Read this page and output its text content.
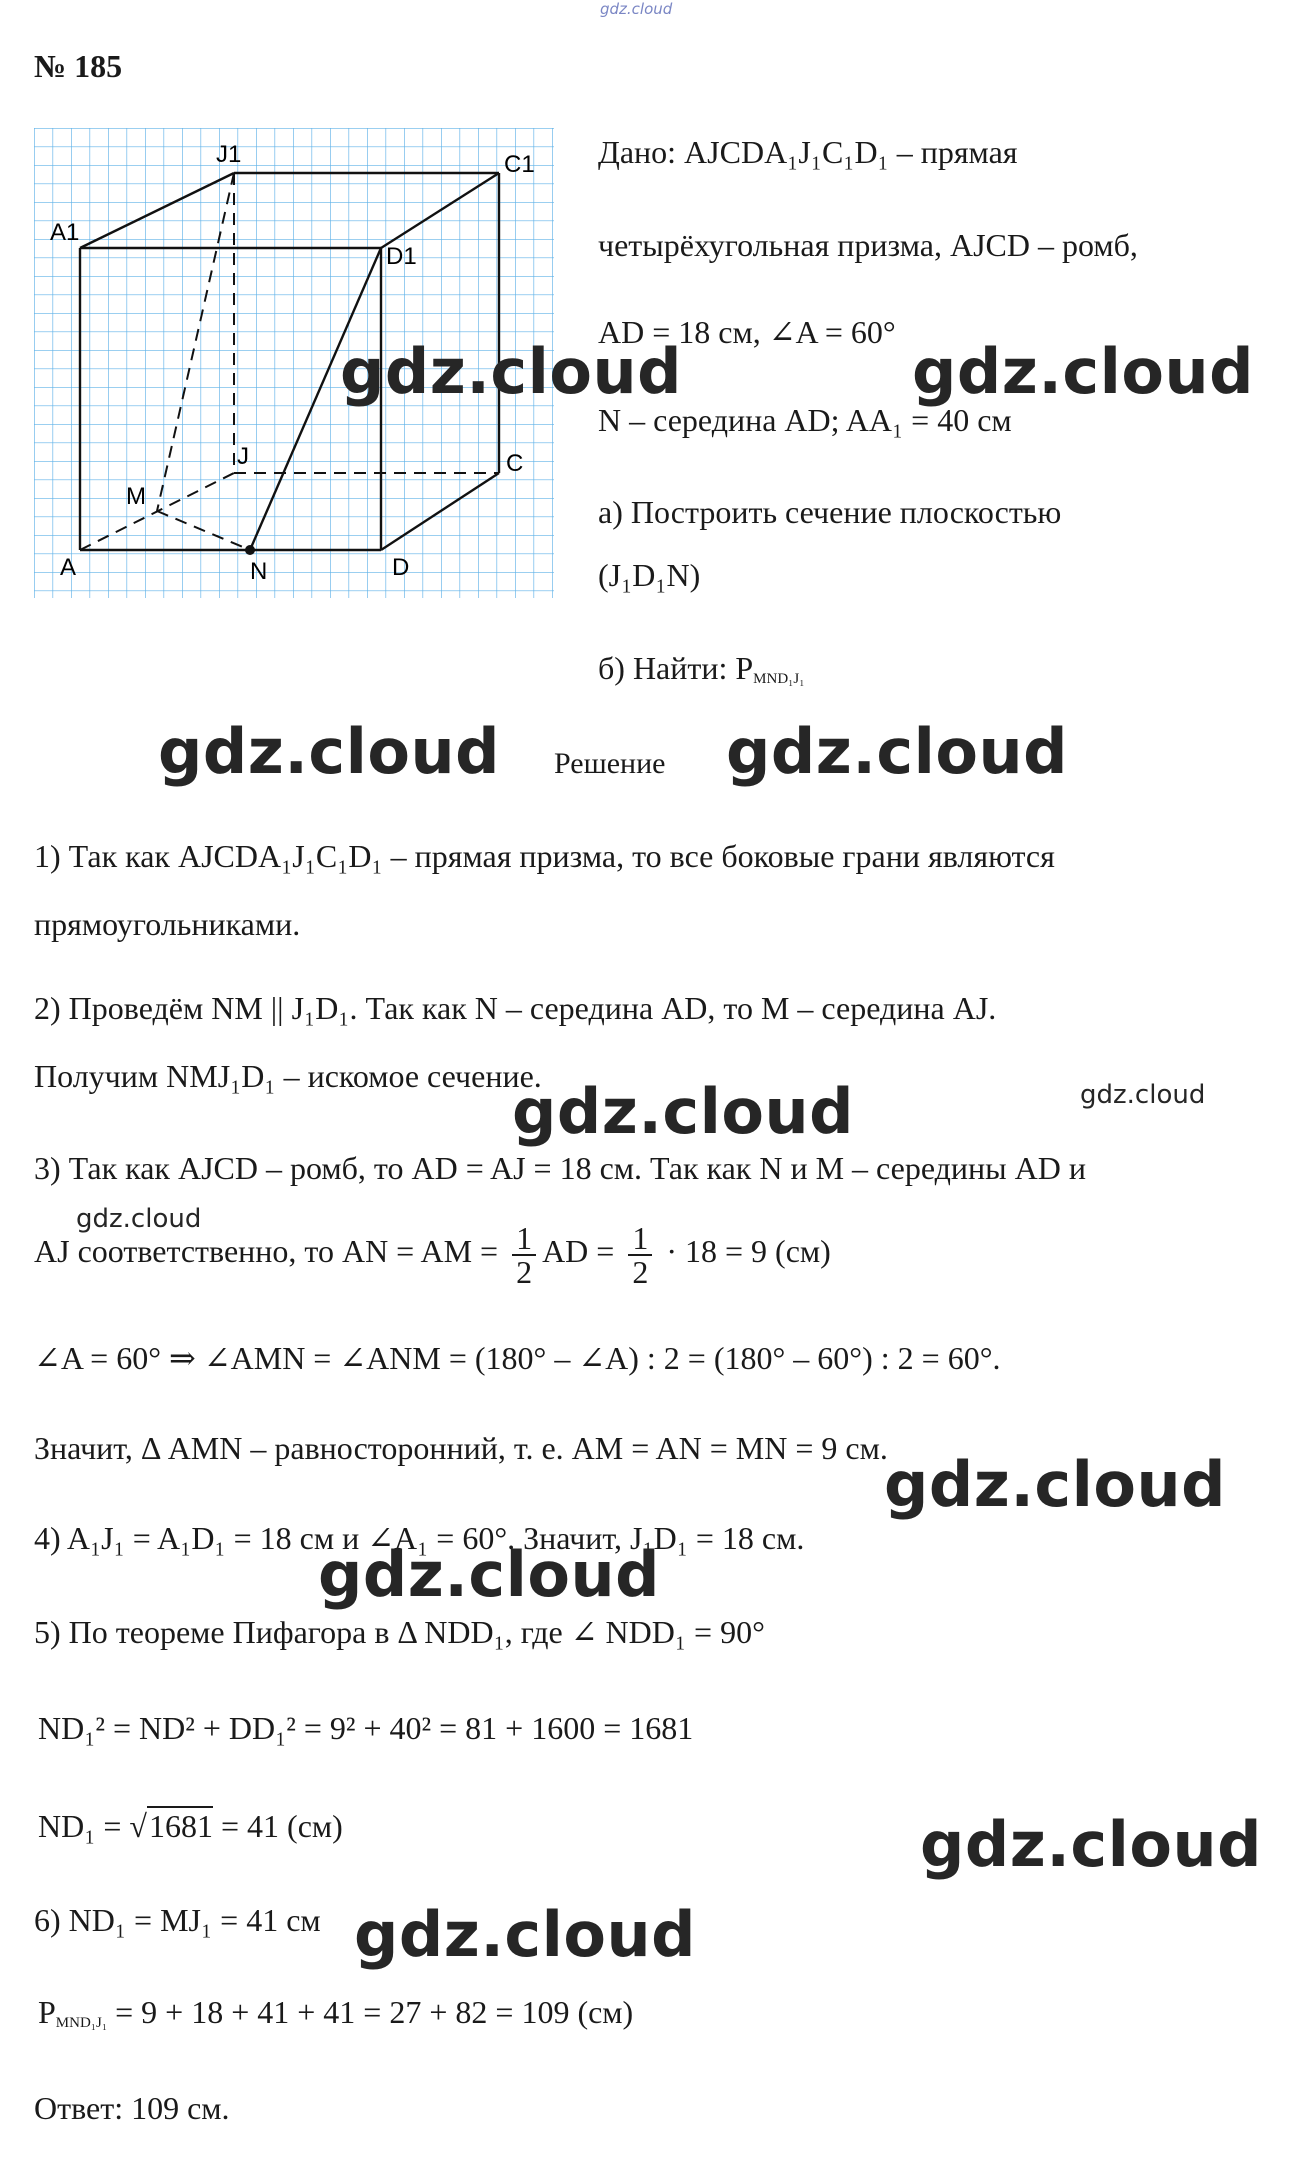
gdz.cloud
№ 185
J1	C1
A1
D1
J	C
M
A	N	D
Дано: AJCDA₁J₁C₁D₁ – прямая
четырёхугольная призма, AJCD – ромб,
AD = 18 см, ∠A = 60°
N – середина AD; AA₁ = 40 см
а) Построить сечение плоскостью
(J₁D₁N)
б) Найти: $P_{MND_1J_1}$
Решение
1) Так как AJCDA₁J₁C₁D₁ – прямая призма, то все боковые грани являются
прямоугольниками.
2) Проведём NM || J₁D₁. Так как N – середина AD, то M – середина AJ.
Получим NMJ₁D₁ – искомое сечение.
3) Так как AJCD – ромб, то AD = AJ = 18 см. Так как N и M – середины AD и
AJ соответственно, то AN = AM = $\frac{1}{2}$ AD = $\frac{1}{2} \cdot 18 = 9$ (см)
∠A = 60° ⇒ ∠AMN = ∠ANM = (180° – ∠A) : 2 = (180° – 60°) : 2 = 60°.
Значит, Δ AMN – равносторонний, т. е. AM = AN = MN = 9 см.
4) A₁J₁ = A₁D₁ = 18 см и ∠A₁ = 60°. Значит, J₁D₁ = 18 см.
5) По теореме Пифагора в Δ NDD₁, где ∠ NDD₁ = 90°
ND₁² = ND² + DD₁² = 9² + 40² = 81 + 1600 = 1681
ND₁ = √1681 = 41 (см)
6) ND₁ = MJ₁ = 41 см
$P_{MND_1J_1} = 9 + 18 + 41 + 41 = 27 + 82 = 109$ (см)
Ответ: 109 см.
gdz.cloud	gdz.cloud
gdz.cloud	gdz.cloud
gdz.cloud	gdz.cloud
gdz.cloud
gdz.cloud
gdz.cloud
gdz.cloud
gdz.cloud
